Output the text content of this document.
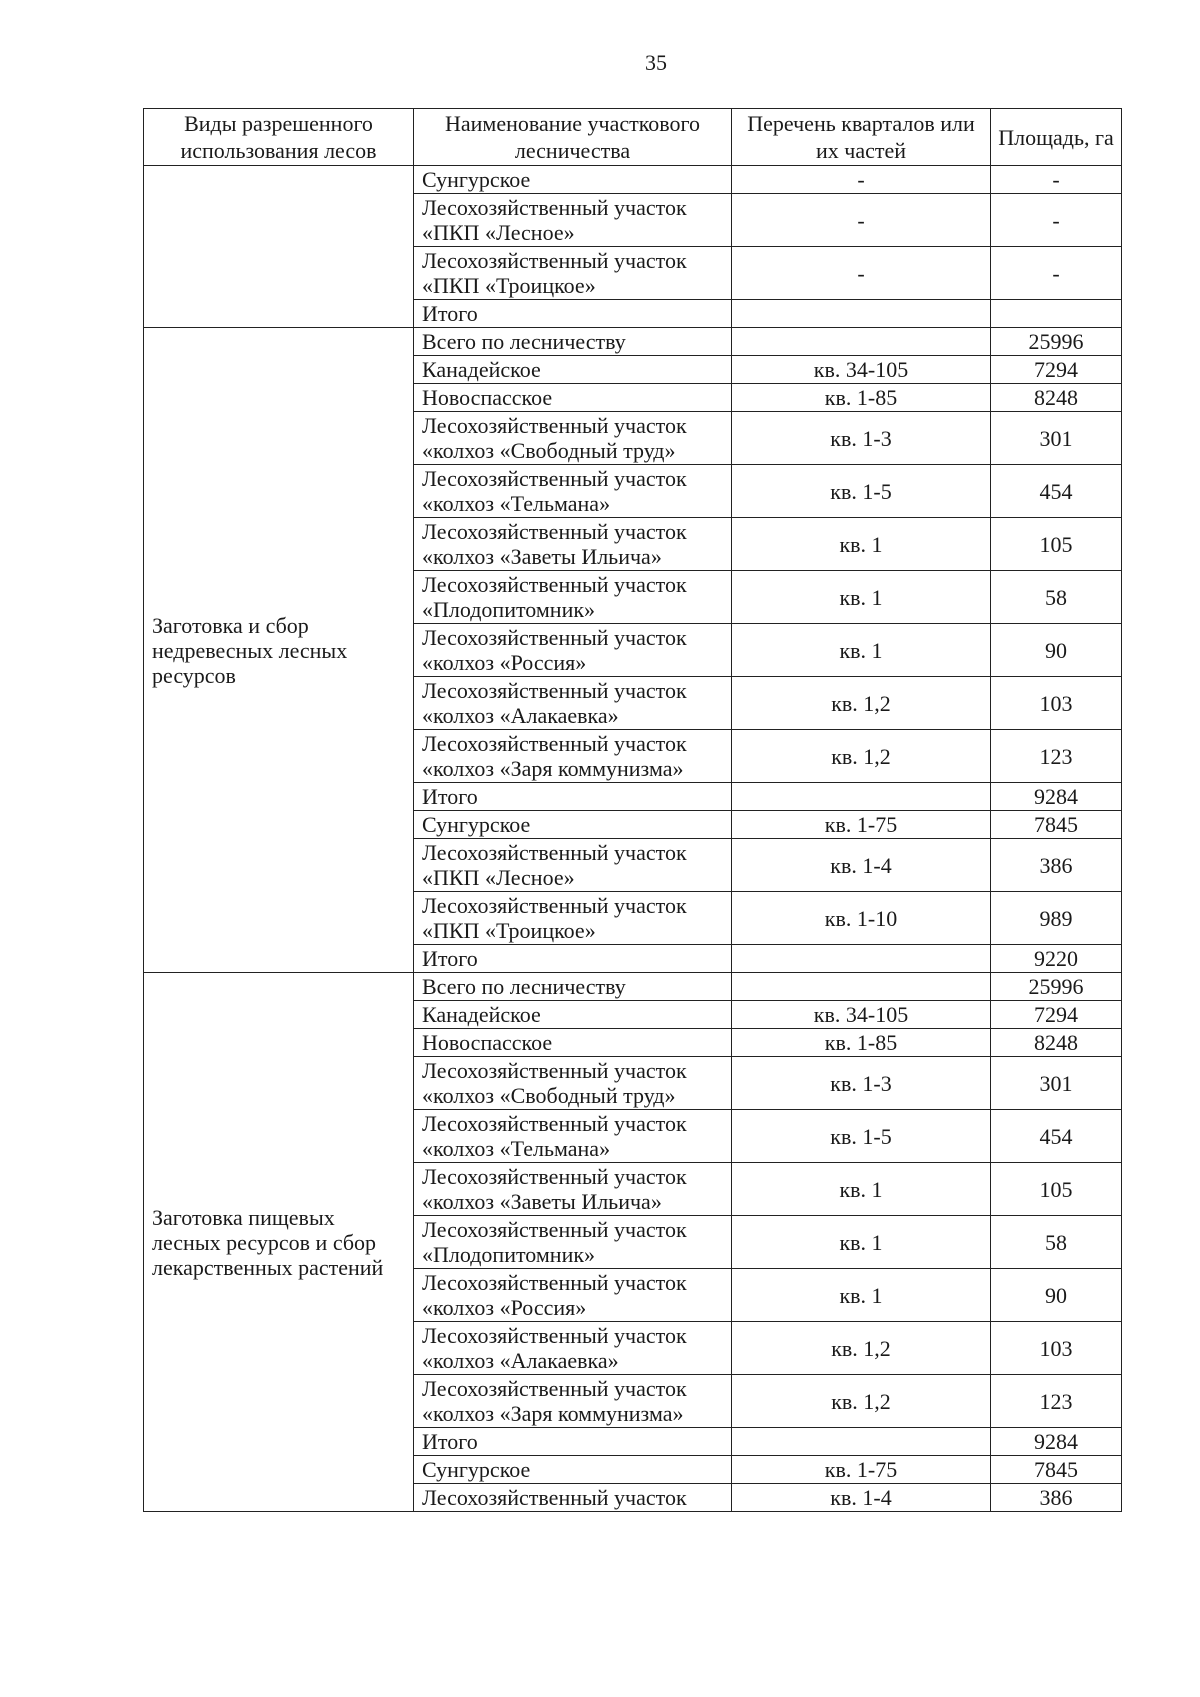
35
Виды разрешенного использования лесов	Наименование участкового лесничества	Перечень кварталов или их частей	Площадь, га
	Сунгурское	-	-
	Лесохозяйственный участок «ПКП «Лесное»	-	-
	Лесохозяйственный участок «ПКП «Троицкое»	-	-
	Итого		
Заготовка и сбор недревесных лесных ресурсов	Всего по лесничеству		25996
	Канадейское	кв. 34-105	7294
	Новоспасское	кв. 1-85	8248
	Лесохозяйственный участок «колхоз «Свободный труд»	кв. 1-3	301
	Лесохозяйственный участок «колхоз «Тельмана»	кв. 1-5	454
	Лесохозяйственный участок «колхоз «Заветы Ильича»	кв. 1	105
	Лесохозяйственный участок «Плодопитомник»	кв. 1	58
	Лесохозяйственный участок «колхоз «Россия»	кв. 1	90
	Лесохозяйственный участок «колхоз «Алакаевка»	кв. 1,2	103
	Лесохозяйственный участок «колхоз «Заря коммунизма»	кв. 1,2	123
	Итого		9284
	Сунгурское	кв. 1-75	7845
	Лесохозяйственный участок «ПКП «Лесное»	кв. 1-4	386
	Лесохозяйственный участок «ПКП «Троицкое»	кв. 1-10	989
	Итого		9220
Заготовка пищевых лесных ресурсов и сбор лекарственных растений	Всего по лесничеству		25996
	Канадейское	кв. 34-105	7294
	Новоспасское	кв. 1-85	8248
	Лесохозяйственный участок «колхоз «Свободный труд»	кв. 1-3	301
	Лесохозяйственный участок «колхоз «Тельмана»	кв. 1-5	454
	Лесохозяйственный участок «колхоз «Заветы Ильича»	кв. 1	105
	Лесохозяйственный участок «Плодопитомник»	кв. 1	58
	Лесохозяйственный участок «колхоз «Россия»	кв. 1	90
	Лесохозяйственный участок «колхоз «Алакаевка»	кв. 1,2	103
	Лесохозяйственный участок «колхоз «Заря коммунизма»	кв. 1,2	123
	Итого		9284
	Сунгурское	кв. 1-75	7845
	Лесохозяйственный участок	кв. 1-4	386
